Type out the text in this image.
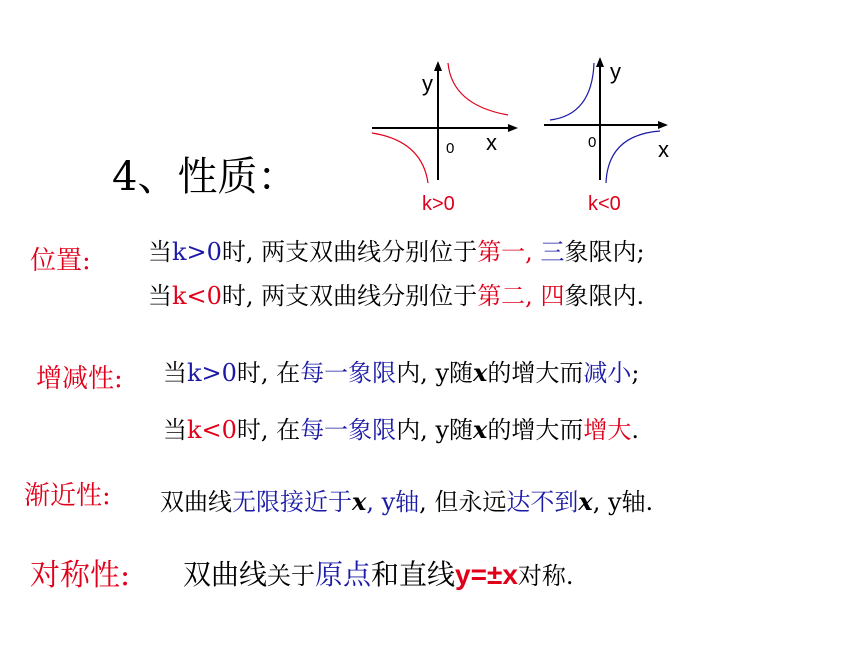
4、性质：
y
x
0
k>0
y
x
0
k<0
位置: 当k>0时, 两支双曲线分别位于第一, 三象限内;
当k<0时, 两支双曲线分别位于第二, 四象限内.
增减性: 当k>0时, 在每一象限内, y随x的增大而减小;
当k<0时, 在每一象限内, y随x的增大而增大.
渐近性: 双曲线无限接近于x, y轴, 但永远达不到x, y轴.
对称性: 双曲线关于原点和直线y=±x对称.
